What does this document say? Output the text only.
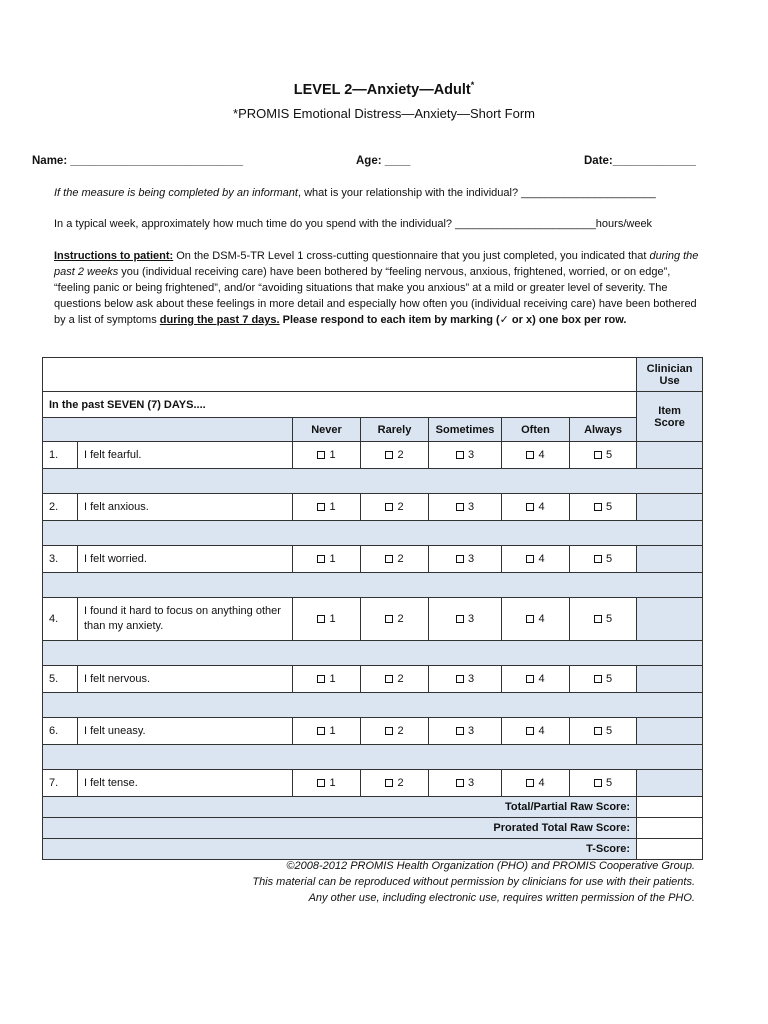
LEVEL 2—Anxiety—Adult*
*PROMIS Emotional Distress—Anxiety—Short Form
Name: ___________________________	Age: ____	Date:_____________
If the measure is being completed by an informant, what is your relationship with the individual? ______________________
In a typical week, approximately how much time do you spend with the individual? _______________________hours/week
Instructions to patient: On the DSM-5-TR Level 1 cross-cutting questionnaire that you just completed, you indicated that during the past 2 weeks you (individual receiving care) have been bothered by “feeling nervous, anxious, frightened, worried, or on edge”, “feeling panic or being frightened”, and/or “avoiding situations that make you anxious” at a mild or greater level of severity. The questions below ask about these feelings in more detail and especially how often you (individual receiving care) have been bothered by a list of symptoms during the past 7 days. Please respond to each item by marking (✓ or x) one box per row.
							Clinician Use
In the past SEVEN (7) DAYS....							Item Score
		Never	Rarely	Sometimes	Often	Always	
1.	I felt fearful.	1	2	3	4	5	

2.	I felt anxious.	1	2	3	4	5	

3.	I felt worried.	1	2	3	4	5	

4.	I found it hard to focus on anything other than my anxiety.	1	2	3	4	5	

5.	I felt nervous.	1	2	3	4	5	

6.	I felt uneasy.	1	2	3	4	5	

7.	I felt tense.	1	2	3	4	5	
Total/Partial Raw Score:							
Prorated Total Raw Score:							
T-Score:							
©2008-2012 PROMIS Health Organization (PHO) and PROMIS Cooperative Group.
This material can be reproduced without permission by clinicians for use with their patients.
Any other use, including electronic use, requires written permission of the PHO.
